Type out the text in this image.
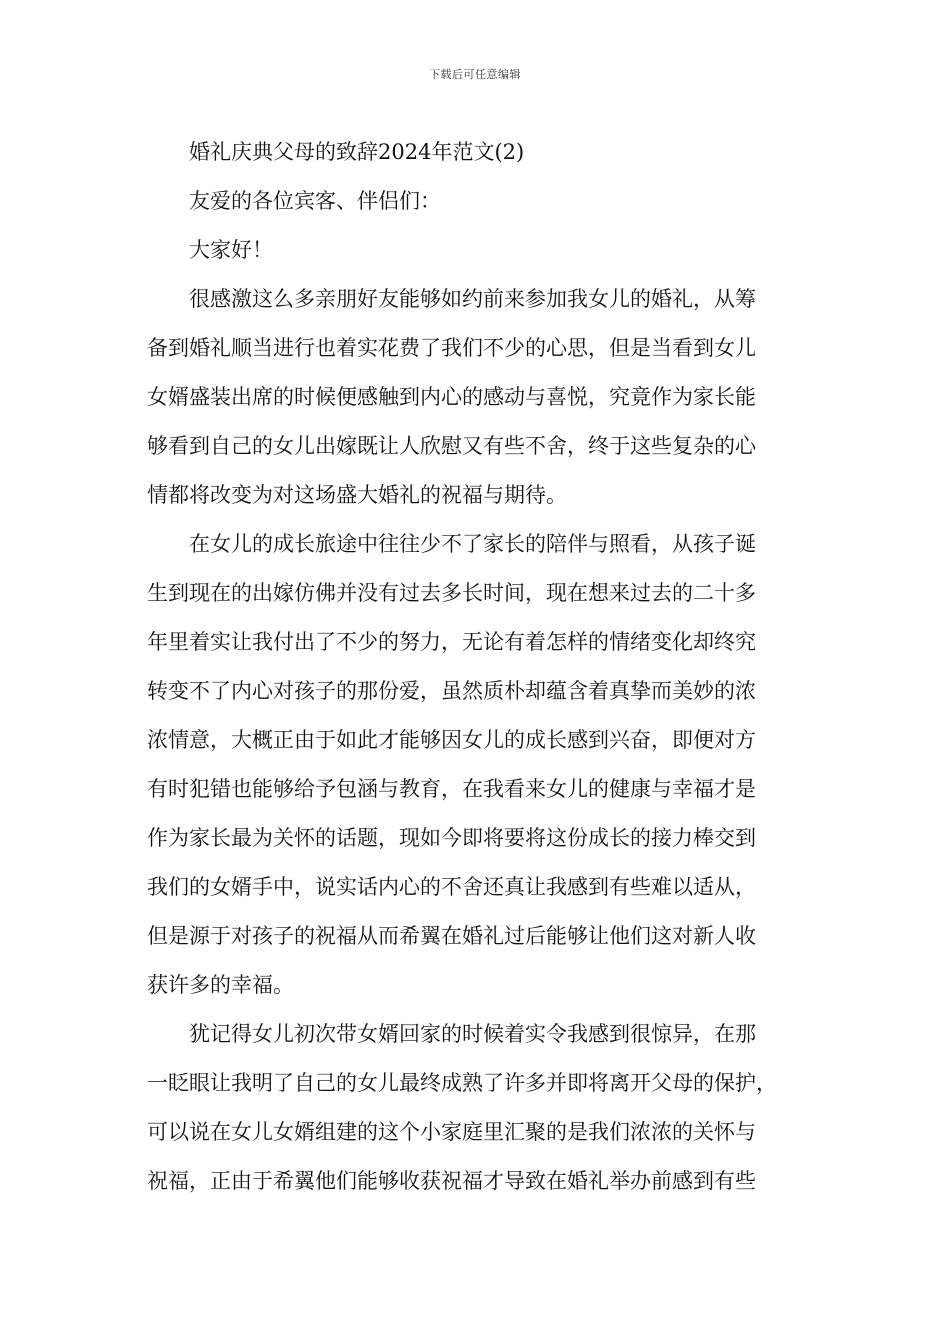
下载后可任意编辑
婚礼庆典父母的致辞2024年范文(2)
友爱的各位宾客、伴侣们：
大家好！
很感激这么多亲朋好友能够如约前来参加我女儿的婚礼，从筹
备到婚礼顺当进行也着实花费了我们不少的心思，但是当看到女儿
女婿盛装出席的时候便感触到内心的感动与喜悦，究竟作为家长能
够看到自己的女儿出嫁既让人欣慰又有些不舍，终于这些复杂的心
情都将改变为对这场盛大婚礼的祝福与期待。
在女儿的成长旅途中往往少不了家长的陪伴与照看，从孩子诞
生到现在的出嫁仿佛并没有过去多长时间，现在想来过去的二十多
年里着实让我付出了不少的努力，无论有着怎样的情绪变化却终究
转变不了内心对孩子的那份爱，虽然质朴却蕴含着真挚而美妙的浓
浓情意，大概正由于如此才能够因女儿的成长感到兴奋，即便对方
有时犯错也能够给予包涵与教育，在我看来女儿的健康与幸福才是
作为家长最为关怀的话题，现如今即将要将这份成长的接力棒交到
我们的女婿手中，说实话内心的不舍还真让我感到有些难以适从，
但是源于对孩子的祝福从而希翼在婚礼过后能够让他们这对新人收
获许多的幸福。
犹记得女儿初次带女婿回家的时候着实令我感到很惊异，在那
一眨眼让我明了自己的女儿最终成熟了许多并即将离开父母的保护，
可以说在女儿女婿组建的这个小家庭里汇聚的是我们浓浓的关怀与
祝福，正由于希翼他们能够收获祝福才导致在婚礼举办前感到有些
